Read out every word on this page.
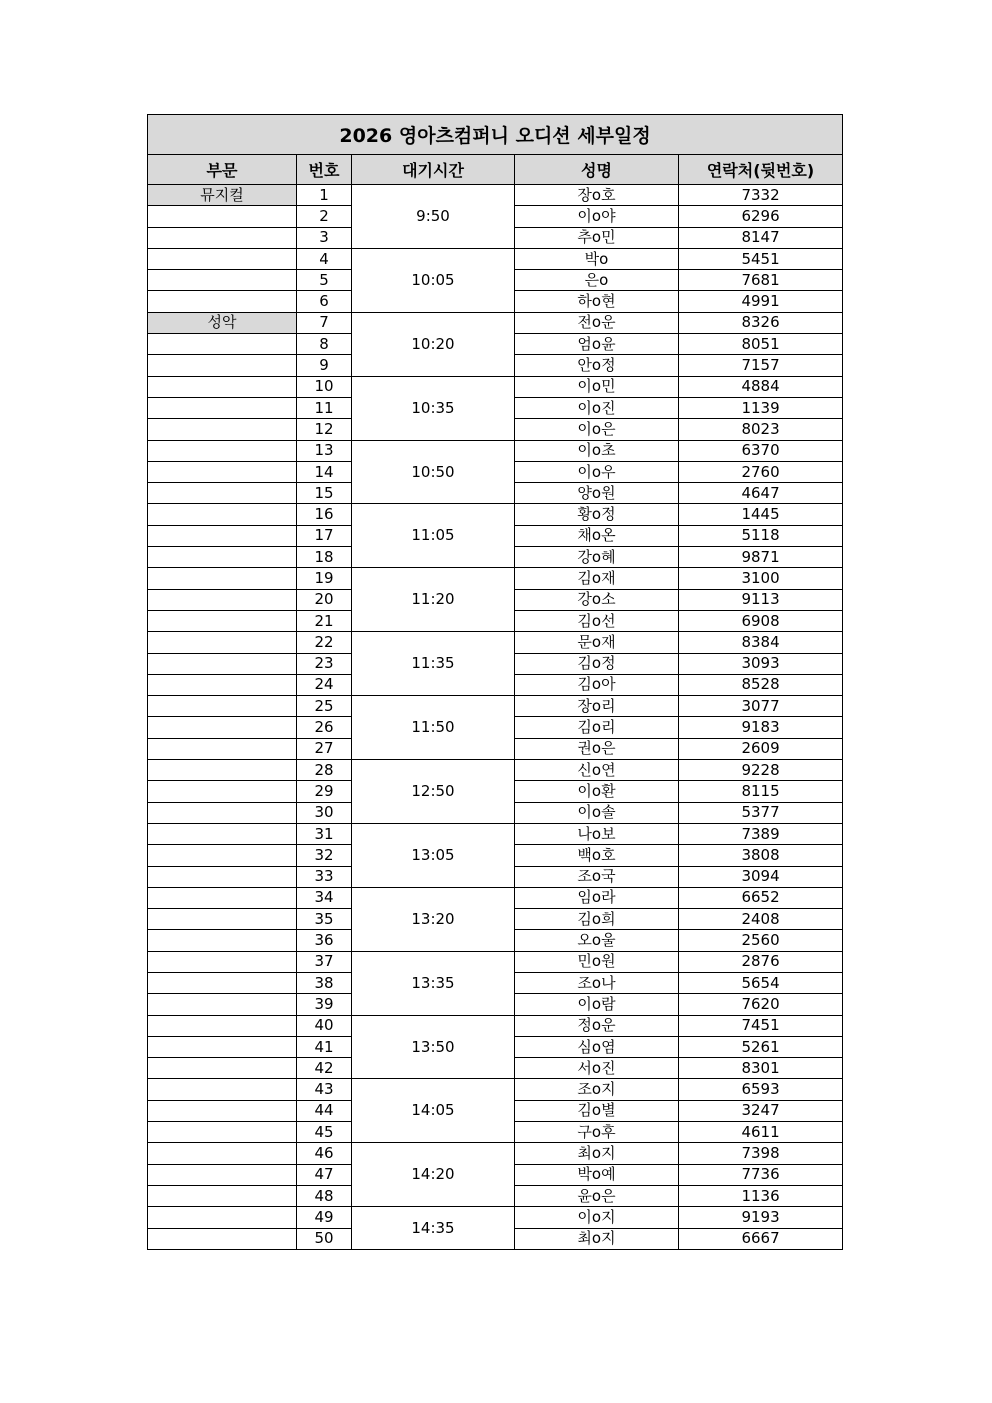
2026 영아츠컴퍼니 오디션 세부일정				
부문	번호	대기시간	성명	연락처(뒷번호)
뮤지컬	1	9:50	장o호	7332
	2		이o야	6296
	3		추o민	8147
	4	10:05	박o	5451
	5		은o	7681
	6		하o현	4991
성악	7	10:20	전o운	8326
	8		엄o윤	8051
	9		안o정	7157
	10	10:35	이o민	4884
	11		이o진	1139
	12		이o은	8023
	13	10:50	이o초	6370
	14		이o우	2760
	15		양o원	4647
	16	11:05	황o정	1445
	17		채o온	5118
	18		강o혜	9871
	19	11:20	김o재	3100
	20		강o소	9113
	21		김o선	6908
	22	11:35	문o재	8384
	23		김o정	3093
	24		김o아	8528
	25	11:50	장o리	3077
	26		김o리	9183
	27		권o은	2609
	28	12:50	신o연	9228
	29		이o환	8115
	30		이o솔	5377
	31	13:05	나o보	7389
	32		백o호	3808
	33		조o국	3094
	34	13:20	임o라	6652
	35		김o희	2408
	36		오o울	2560
	37	13:35	민o원	2876
	38		조o나	5654
	39		이o람	7620
	40	13:50	정o운	7451
	41		심o염	5261
	42		서o진	8301
	43	14:05	조o지	6593
	44		김o별	3247
	45		구o후	4611
	46	14:20	최o지	7398
	47		박o예	7736
	48		윤o은	1136
	49	14:35	이o지	9193
	50		최o지	6667
